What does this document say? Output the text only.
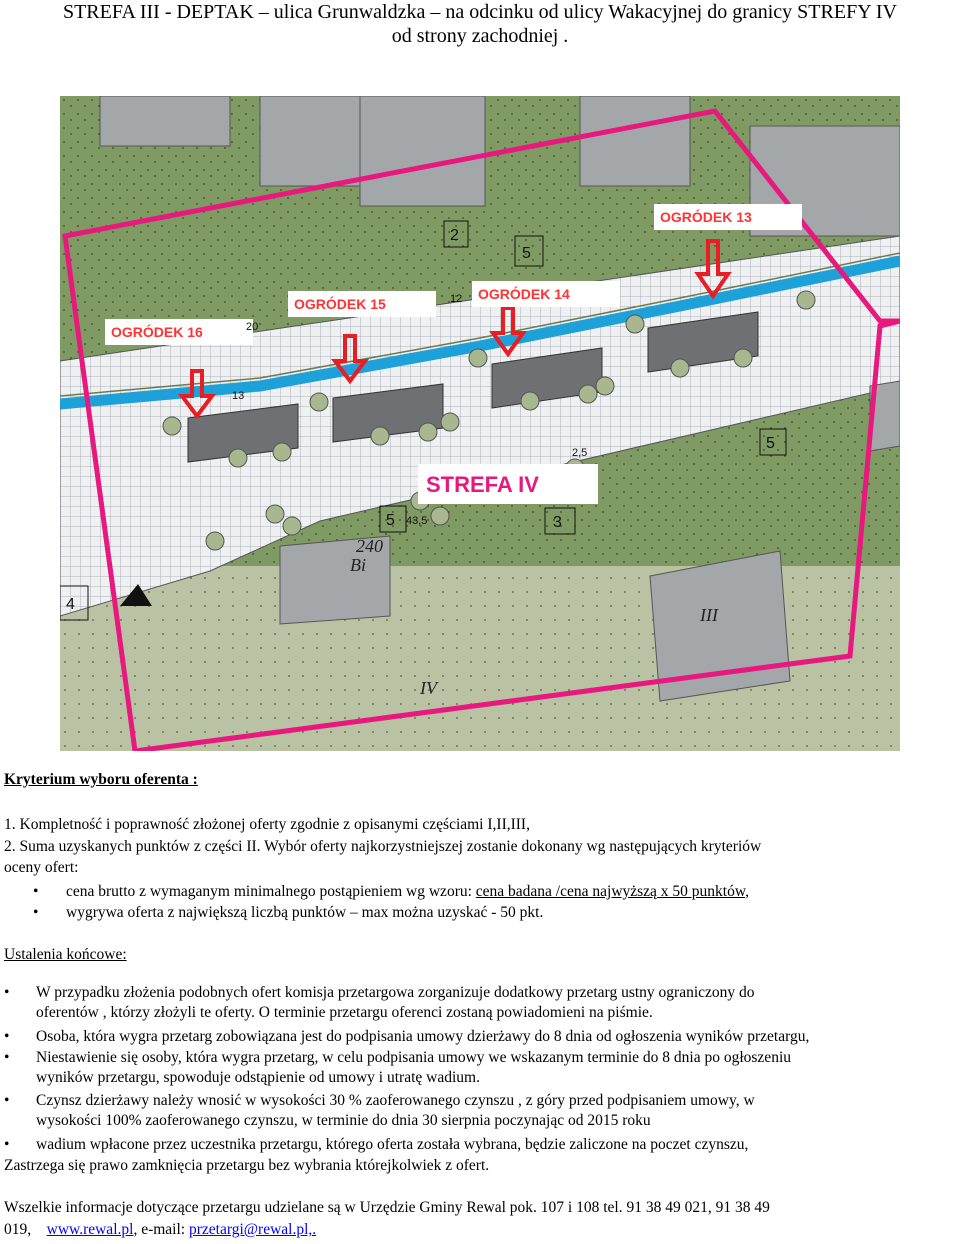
STREFA III - DEPTAK – ulica Grunwaldzka – na odcinku od ulicy Wakacyjnej do granicy STREFY IV
od strony zachodniej .
OGRÓDEK 13
OGRÓDEK 14
OGRÓDEK 15
OGRÓDEK 16
STREFA IV
2
5
3
4
5
5
43,5
2,5
13
12
20
IV
III
Bi
240
Kryterium wyboru oferenta :
1. Kompletność i poprawność złożonej oferty zgodnie z opisanymi częściami I,II,III,
2. Suma uzyskanych punktów z części II. Wybór oferty najkorzystniejszej zostanie dokonany wg następujących kryteriów
oceny ofert:
• cena brutto z wymaganym minimalnego postąpieniem wg wzoru: cena badana /cena najwyższą x 50 punktów,
• wygrywa oferta z największą liczbą punktów – max można uzyskać - 50 pkt.
Ustalenia końcowe:
• W przypadku złożenia podobnych ofert komisja przetargowa zorganizuje dodatkowy przetarg ustny ograniczony do
oferentów , którzy złożyli te oferty. O terminie przetargu oferenci zostaną powiadomieni na piśmie.
• Osoba, która wygra przetarg zobowiązana jest do podpisania umowy dzierżawy do 8 dnia od ogłoszenia wyników przetargu,
• Niestawienie się osoby, która wygra przetarg, w celu podpisania umowy we wskazanym terminie do 8 dnia po ogłoszeniu
wyników przetargu, spowoduje odstąpienie od umowy i utratę wadium.
• Czynsz dzierżawy należy wnosić w wysokości 30 % zaoferowanego czynszu , z góry przed podpisaniem umowy, w
wysokości 100% zaoferowanego czynszu, w terminie do dnia 30 sierpnia poczynając od 2015 roku
• wadium wpłacone przez uczestnika przetargu, którego oferta została wybrana, będzie zaliczone na poczet czynszu,
Zastrzega się prawo zamknięcia przetargu bez wybrania którejkolwiek z ofert.
Wszelkie informacje dotyczące przetargu udzielane są w Urzędzie Gminy Rewal pok. 107 i 108 tel. 91 38 49 021, 91 38 49
019,    www.rewal.pl, e-mail: przetargi@rewal.pl,.
